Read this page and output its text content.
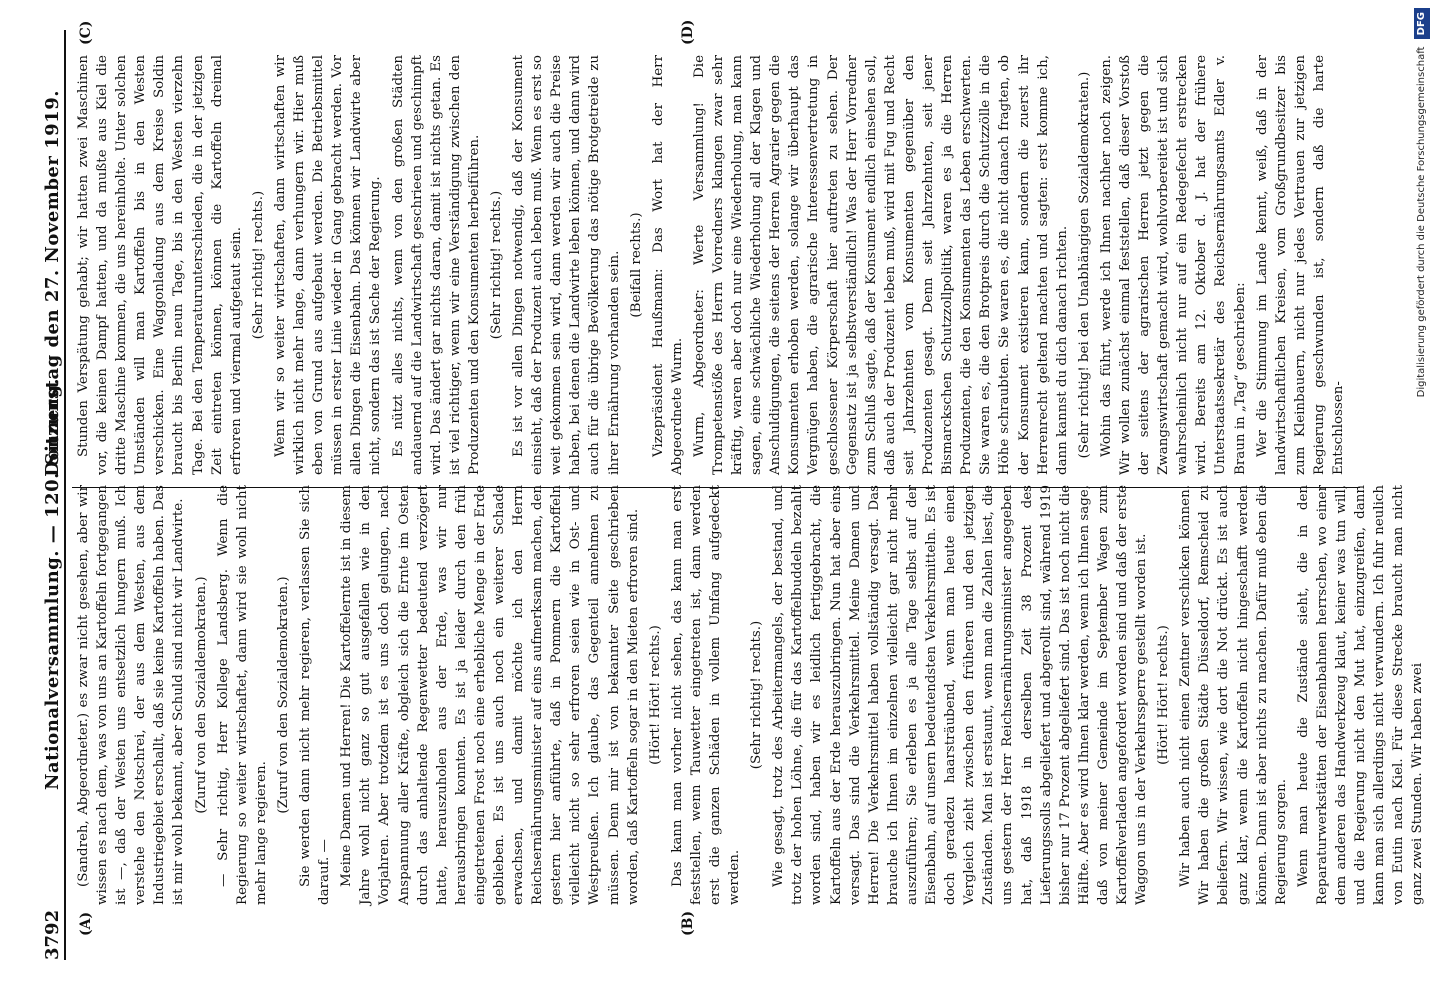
3792
Nationalversammlung. — 120. Sitzung.
Donnerstag den 27. November 1919.
(A)	(B)
(C)	(D)
(Sandreh, Abgeordneter.) es zwar nicht gesehen, aber wir wissen es nach dem, was von uns an Kartoffeln fortgegangen ist —, daß der Westen uns entsetzlich hungern muß. Ich verstehe den Notschrei, der aus dem Westen, aus dem Industriegebiet erschallt, daß sie keine Kartoffeln haben. Das ist mir wohl bekannt, aber Schuld sind nicht wir Landwirte. (Zuruf von den Sozialdemokraten.) — Sehr richtig, Herr Kollege Landsberg. Wenn die Regierung so weiter wirtschaftet, dann wird sie wohl nicht mehr lange regieren.
(Zuruf von den Sozialdemokraten.) Sie werden dann nicht mehr regieren, verlassen Sie sich darauf. — Meine Damen und Herren! Die Kartoffelernte ist in diesem Jahre wohl nicht ganz so gut ausgefallen wie in den Vorjahren. Aber trotzdem ist es uns doch gelungen, nach Anspannung aller Kräfte, obgleich sich die Ernte im Osten durch das anhaltende Regenwetter bedeutend verzögert hatte, herauszuholen aus der Erde, was wir nur herausbringen konnten. Es ist ja leider durch den früh eingetretenen Frost noch eine erhebliche Menge in der Erde geblieben. Es ist uns auch noch ein weiterer Schade erwachsen, und damit möchte ich den Herrn Reichsernährungsminister auf eins aufmerksam machen, den gestern hier anführte, daß in Pommern die Kartoffeln vielleicht nicht so sehr erfroren seien wie in Ost- und Westpreußen. Ich glaube, das Gegenteil annehmen zu müssen. Denn mir ist von bekannter Seite geschrieben worden, daß Kartoffeln sogar in den Mieten erfroren sind. (Hört! Hört! rechts.) Das kann man vorher nicht sehen, das kann man erst feststellen, wenn Tauwetter eingetreten ist, dann werden erst die ganzen Schäden in vollem Umfang aufgedeckt werden.
(Sehr richtig! rechts.) Wie gesagt, trotz des Arbeitermangels, der bestand, und trotz der hohen Löhne, die für das Kartoffelbuddeln bezahlt worden sind, haben wir es leidlich fertiggebracht, die Kartoffeln aus der Erde herauszubringen. Nun hat aber eins versagt. Das sind die Verkehrsmittel. Meine Damen und Herren! Die Verkehrsmittel haben vollständig versagt. Das brauche ich Ihnen im einzelnen vielleicht gar nicht mehr auszuführen; Sie erleben es ja alle Tage selbst auf der Eisenbahn, auf unsern bedeutendsten Verkehrsmitteln. Es ist doch geradezu haarsträubend, wenn man heute einen Vergleich zieht zwischen den früheren und den jetzigen Zuständen. Man ist erstaunt, wenn man die Zahlen liest, die uns gestern der Herr Reichsernährungsminister angegeben hat, daß 1918 in derselben Zeit 38 Prozent des Lieferungssolls abgeliefert und abgerollt sind, während 1919 bisher nur 17 Prozent abgeliefert sind. Das ist noch nicht die Hälfte. Aber es wird Ihnen klar werden, wenn ich Ihnen sage, daß von meiner Gemeinde im September Wagen zum Kartoffelverladen angefordert worden sind und daß der erste Waggon uns in der Verkehrssperre gestellt worden ist. (Hört! Hört! rechts.) Wir haben auch nicht einen Zentner verschicken können. Wir haben die großen Städte Düsseldorf, Remscheid zu beliefern. Wir wissen, wie dort die Not drückt. Es ist auch ganz klar, wenn die Kartoffeln nicht hingeschafft werden können. Dann ist aber nichts zu machen. Dafür muß eben die Regierung sorgen. Wenn man heute die Zustände sieht, die in den Reparaturwerkstätten der Eisenbahnen herrschen, wo einer dem anderen das Handwerkzeug klaut, keiner was tun will, und die Regierung nicht den Mut hat, einzugreifen, dann kann man sich allerdings nicht verwundern. Ich fuhr neulich von Eutin nach Kiel. Für diese Strecke braucht man nicht ganz zwei Stunden. Wir haben zwei
Stunden Verspätung gehabt; wir hatten zwei Maschinen vor, die keinen Dampf hatten, und da mußte aus Kiel die dritte Maschine kommen, die uns hereinholte. Unter solchen Umständen will man Kartoffeln bis in den Westen verschicken. Eine Waggonladung aus dem Kreise Soldin braucht bis Berlin neun Tage, bis in den Westen vierzehn Tage. Bei den Temperaturunterschieden, die in der jetzigen Zeit eintreten können, können die Kartoffeln dreimal erfroren und viermal aufgetaut sein. (Sehr richtig! rechts.) Wenn wir so weiter wirtschaften, dann wirtschaften wir wirklich nicht mehr lange, dann verhungern wir. Hier muß eben von Grund aus aufgebaut werden. Die Betriebsmittel müssen in erster Linie wieder in Gang gebracht werden. Vor allen Dingen die Eisenbahn. Das können wir Landwirte aber nicht, sondern das ist Sache der Regierung. Es nützt alles nichts, wenn von den großen Städten andauernd auf die Landwirtschaft geschrieen und geschimpft wird. Das ändert gar nichts daran, damit ist nichts getan. Es ist viel richtiger, wenn wir eine Verständigung zwischen den Produzenten und den Konsumenten herbeiführen. (Sehr richtig! rechts.) Es ist vor allen Dingen notwendig, daß der Konsument einsieht, daß der Produzent auch leben muß. Wenn es erst so weit gekommen sein wird, dann werden wir auch die Preise haben, bei denen die Landwirte leben können, und dann wird auch für die übrige Bevölkerung das nötige Brotgetreide zu ihrer Ernährung vorhanden sein. (Beifall rechts.) Vizepräsident Haußmann: Das Wort hat der Herr Abgeordnete Wurm. Wurm, Abgeordneter: Werte Versammlung! Die Trompetenstöße des Herrn Vorredners klangen zwar sehr kräftig, waren aber doch nur eine Wiederholung, man kann sagen, eine schwächliche Wiederholung all der Klagen und Anschuldigungen, die seitens der Herren Agrarier gegen die Konsumenten erhoben werden, solange wir überhaupt das Vergnügen haben, die agrarische Interessenvertretung in geschlossener Körperschaft hier auftreten zu sehen. Der Gegensatz ist ja selbstverständlich! Was der Herr Vorredner zum Schluß sagte, daß der Konsument endlich einsehen soll, daß auch der Produzent leben muß, wird mit Fug und Recht seit Jahrzehnten vom Konsumenten gegenüber den Produzenten gesagt. Denn seit Jahrzehnten, seit jener Bismarckschen Schutzzollpolitik, waren es ja die Herren Produzenten, die den Konsumenten das Leben erschwerten. Sie waren es, die den Brotpreis durch die Schutzzölle in die Höhe schraubten. Sie waren es, die nicht danach fragten, ob der Konsument existieren kann, sondern die zuerst ihr Herrenrecht geltend machten und sagten: erst komme ich, dann kannst du dich danach richten. (Sehr richtig! bei den Unabhängigen Sozialdemokraten.) Wohin das führt, werde ich Ihnen nachher noch zeigen. Wir wollen zunächst einmal feststellen, daß dieser Vorstoß der seitens der agrarischen Herren jetzt gegen die Zwangswirtschaft gemacht wird, wohlvorbereitet ist und sich wahrscheinlich nicht nur auf ein Redegefecht erstrecken wird. Bereits am 12. Oktober d. J. hat der frühere Unterstaatssekretär des Reichsernährungsamts Edler v. Braun in „Tag“ geschrieben: Wer die Stimmung im Lande kennt, weiß, daß in der landwirtschaftlichen Kreisen, vom Großgrundbesitzer bis zum Kleinbauern, nicht nur jedes Vertrauen zur jetzigen Regierung geschwunden ist, sondern daß die harte Entschlossen-
Digitalisierung gefördert durch die Deutsche Forschungsgemeinschaft DFG
